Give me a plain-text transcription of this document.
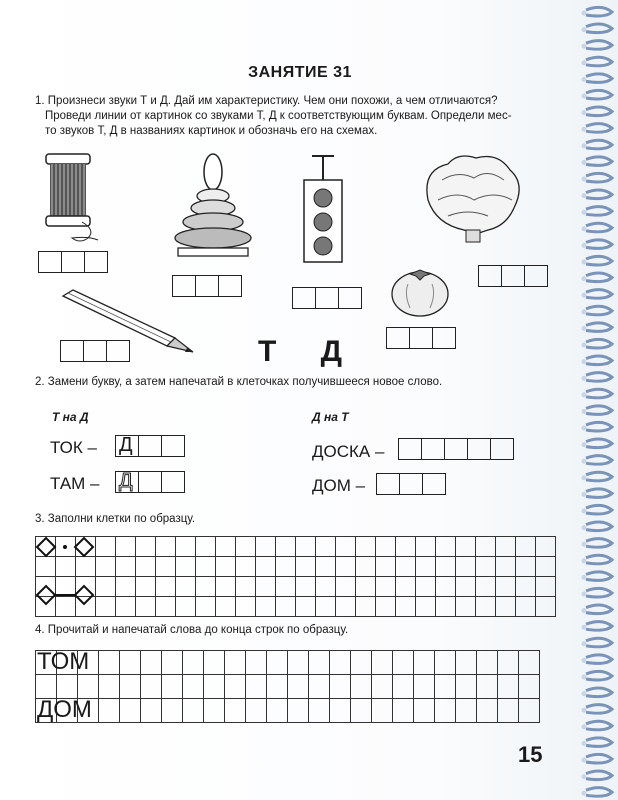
ЗАНЯТИЕ 31
1. Произнеси звуки Т и Д. Дай им характеристику. Чем они похожи, а чем отличаются?
Проведи линии от картинок со звуками Т, Д к соответствующим буквам. Определи мес-
то звуков Т, Д в названиях картинок и обозначь его на схемах.
Т Д
2. Замени букву, а затем напечатай в клеточках получившееся новое слово.
Т на Д	Д на Т
ТОК – Д
ТАМ – Д
ДОСКА –
ДОМ –
3. Заполни клетки по образцу.
4. Прочитай и напечатай слова до конца строк по образцу.
ТОМ
ДОМ
15
